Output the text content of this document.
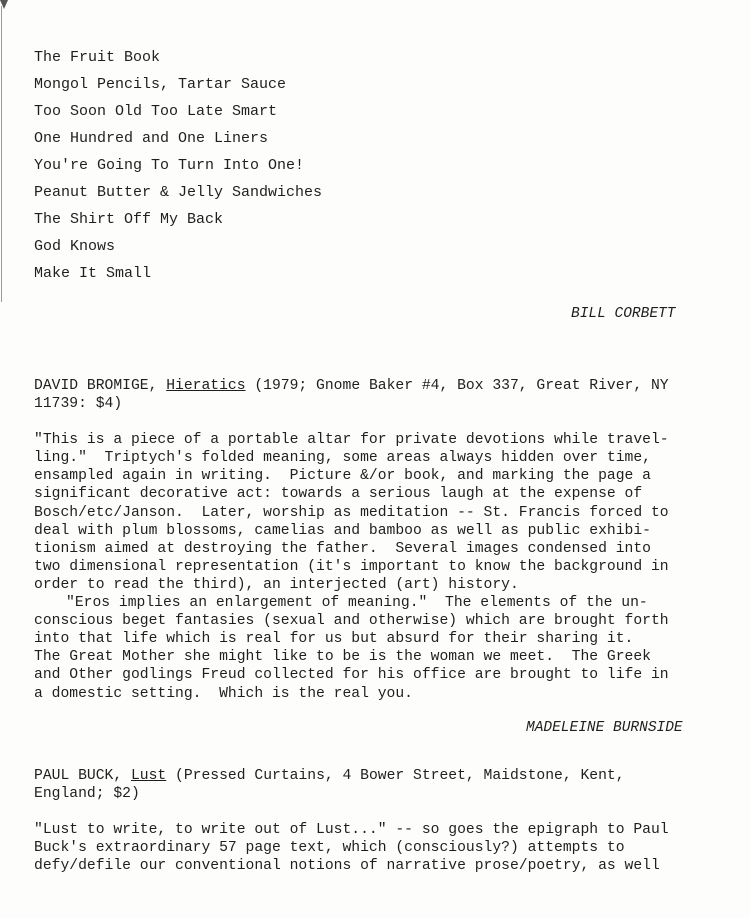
The Fruit Book
Mongol Pencils, Tartar Sauce
Too Soon Old Too Late Smart
One Hundred and One Liners
You're Going To Turn Into One!
Peanut Butter & Jelly Sandwiches
The Shirt Off My Back
God Knows
Make It Small
BILL CORBETT
DAVID BROMIGE, Hieratics (1979; Gnome Baker #4, Box 337, Great River, NY
11739: $4)
"This is a piece of a portable altar for private devotions while travel-
ling."  Triptych's folded meaning, some areas always hidden over time,
ensampled again in writing.  Picture &/or book, and marking the page a
significant decorative act: towards a serious laugh at the expense of
Bosch/etc/Janson.  Later, worship as meditation -- St. Francis forced to
deal with plum blossoms, camelias and bamboo as well as public exhibi-
tionism aimed at destroying the father.  Several images condensed into
two dimensional representation (it's important to know the background in
order to read the third), an interjected (art) history.
"Eros implies an enlargement of meaning."  The elements of the un-
conscious beget fantasies (sexual and otherwise) which are brought forth
into that life which is real for us but absurd for their sharing it.
The Great Mother she might like to be is the woman we meet.  The Greek
and Other godlings Freud collected for his office are brought to life in
a domestic setting.  Which is the real you.
MADELEINE BURNSIDE
PAUL BUCK, Lust (Pressed Curtains, 4 Bower Street, Maidstone, Kent,
England; $2)
"Lust to write, to write out of Lust..." -- so goes the epigraph to Paul
Buck's extraordinary 57 page text, which (consciously?) attempts to
defy/defile our conventional notions of narrative prose/poetry, as well
